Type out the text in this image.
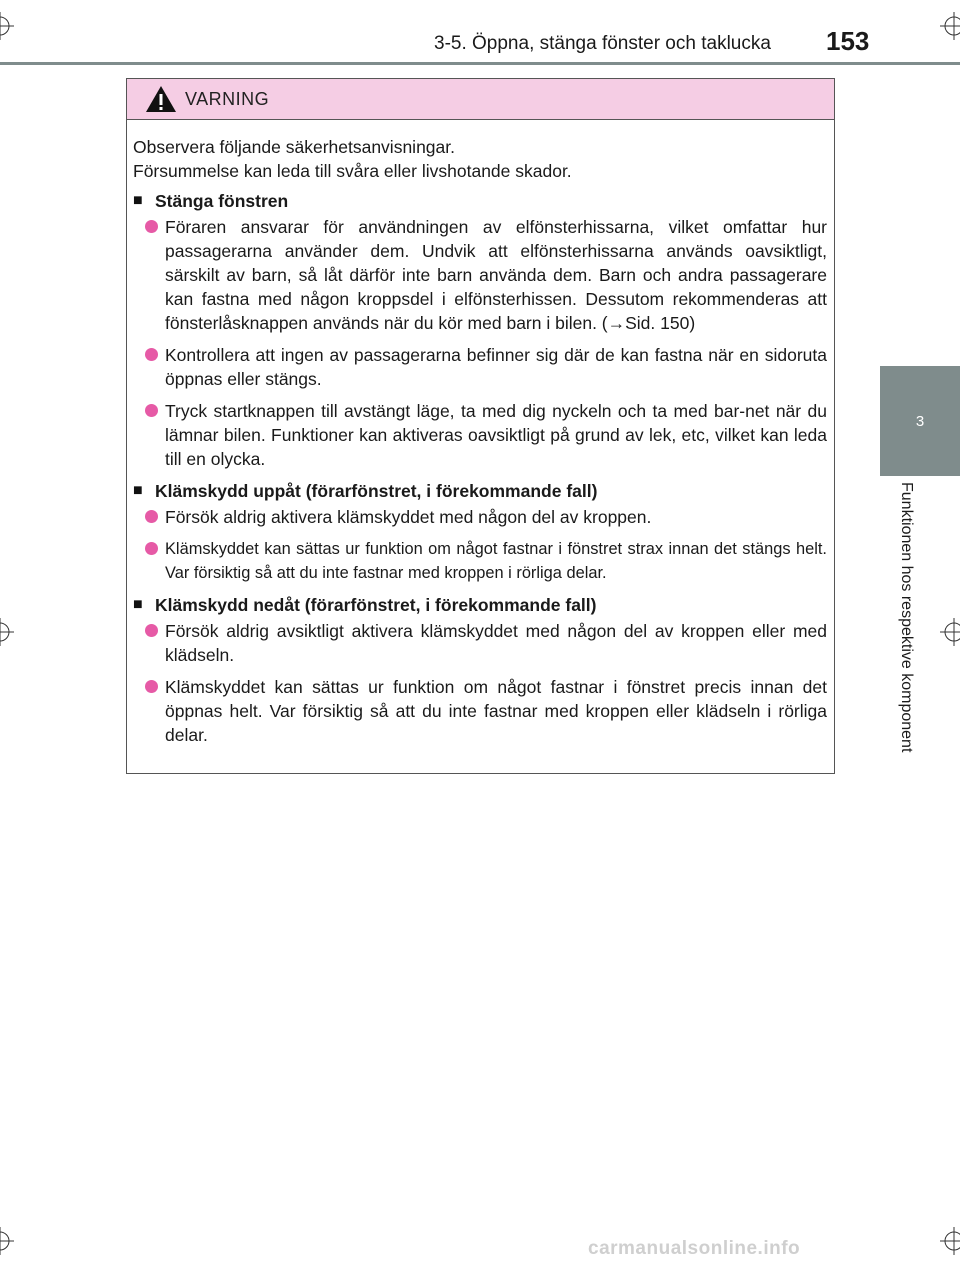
3-5. Öppna, stänga fönster och taklucka 153
3
Funktionen hos respektive komponent
VARNING
Observera följande säkerhetsanvisningar.
Försummelse kan leda till svåra eller livshotande skador.
■ Stänga fönstren
Föraren ansvarar för användningen av elfönsterhissarna, vilket omfattar hur passagerarna använder dem. Undvik att elfönsterhissarna används oavsiktligt, särskilt av barn, så låt därför inte barn använda dem. Barn och andra passagerare kan fastna med någon kroppsdel i elfönsterhissen. Dessutom rekommenderas att fönsterlåsknappen används när du kör med barn i bilen. (→Sid. 150)
Kontrollera att ingen av passagerarna befinner sig där de kan fastna när en sidoruta öppnas eller stängs.
Tryck startknappen till avstängt läge, ta med dig nyckeln och ta med bar-net när du lämnar bilen. Funktioner kan aktiveras oavsiktligt på grund av lek, etc, vilket kan leda till en olycka.
■ Klämskydd uppåt (förarfönstret, i förekommande fall)
Försök aldrig aktivera klämskyddet med någon del av kroppen.
Klämskyddet kan sättas ur funktion om något fastnar i fönstret strax innan det stängs helt. Var försiktig så att du inte fastnar med kroppen i rörliga delar.
■ Klämskydd nedåt (förarfönstret, i förekommande fall)
Försök aldrig avsiktligt aktivera klämskyddet med någon del av kroppen eller med klädseln.
Klämskyddet kan sättas ur funktion om något fastnar i fönstret precis innan det öppnas helt. Var försiktig så att du inte fastnar med kroppen eller klädseln i rörliga delar.
carmanualsonline.info
